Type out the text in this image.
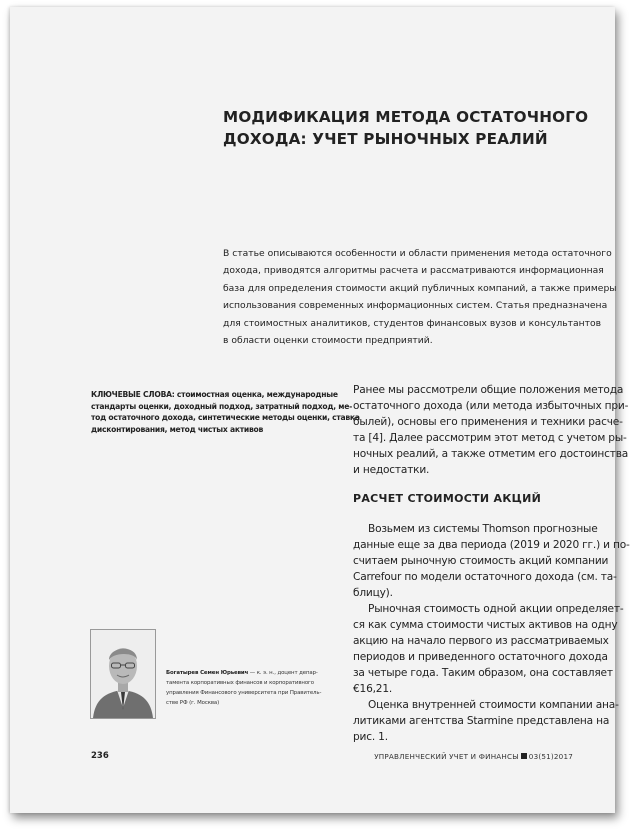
МОДИФИКАЦИЯ МЕТОДА ОСТАТОЧНОГО
ДОХОДА: УЧЕТ РЫНОЧНЫХ РЕАЛИЙ
В статье описываются особенности и области применения метода остаточного
дохода, приводятся алгоритмы расчета и рассматриваются информационная
база для определения стоимости акций публичных компаний, а также примеры
использования современных информационных систем. Статья предназначена
для стоимостных аналитиков, студентов финансовых вузов и консультантов
в области оценки стоимости предприятий.
КЛЮЧЕВЫЕ СЛОВА: стоимостная оценка, международные
стандарты оценки, доходный подход, затратный подход, ме-
тод остаточного дохода, синтетические методы оценки, ставка
дисконтирования, метод чистых активов
Ранее мы рассмотрели общие положения метода
остаточного дохода (или метода избыточных при-
былей), основы его применения и техники расче-
та [4]. Далее рассмотрим этот метод с учетом ры-
ночных реалий, а также отметим его достоинства
и недостатки.
РАСЧЕТ СТОИМОСТИ АКЦИЙ
Возьмем из системы Thomson прогнозные
данные еще за два периода (2019 и 2020 гг.) и по-
считаем рыночную стоимость акций компании
Carrefour по модели остаточного дохода (см. та-
блицу).
Рыночная стоимость одной акции определяет-
ся как сумма стоимости чистых активов на одну
акцию на начало первого из рассматриваемых
периодов и приведенного остаточного дохода
за четыре года. Таким образом, она составляет
€16,21.
Оценка внутренней стоимости компании ана-
литиками агентства Starmine представлена на
рис. 1.
Богатырев Семен Юрьевич — к. э. н., доцент депар-
тамента корпоративных финансов и корпоративного
управления Финансового университета при Правитель-
стве РФ (г. Москва)
236	УПРАВЛЕНЧЕСКИЙ УЧЕТ И ФИНАНСЫ 03(51)2017
